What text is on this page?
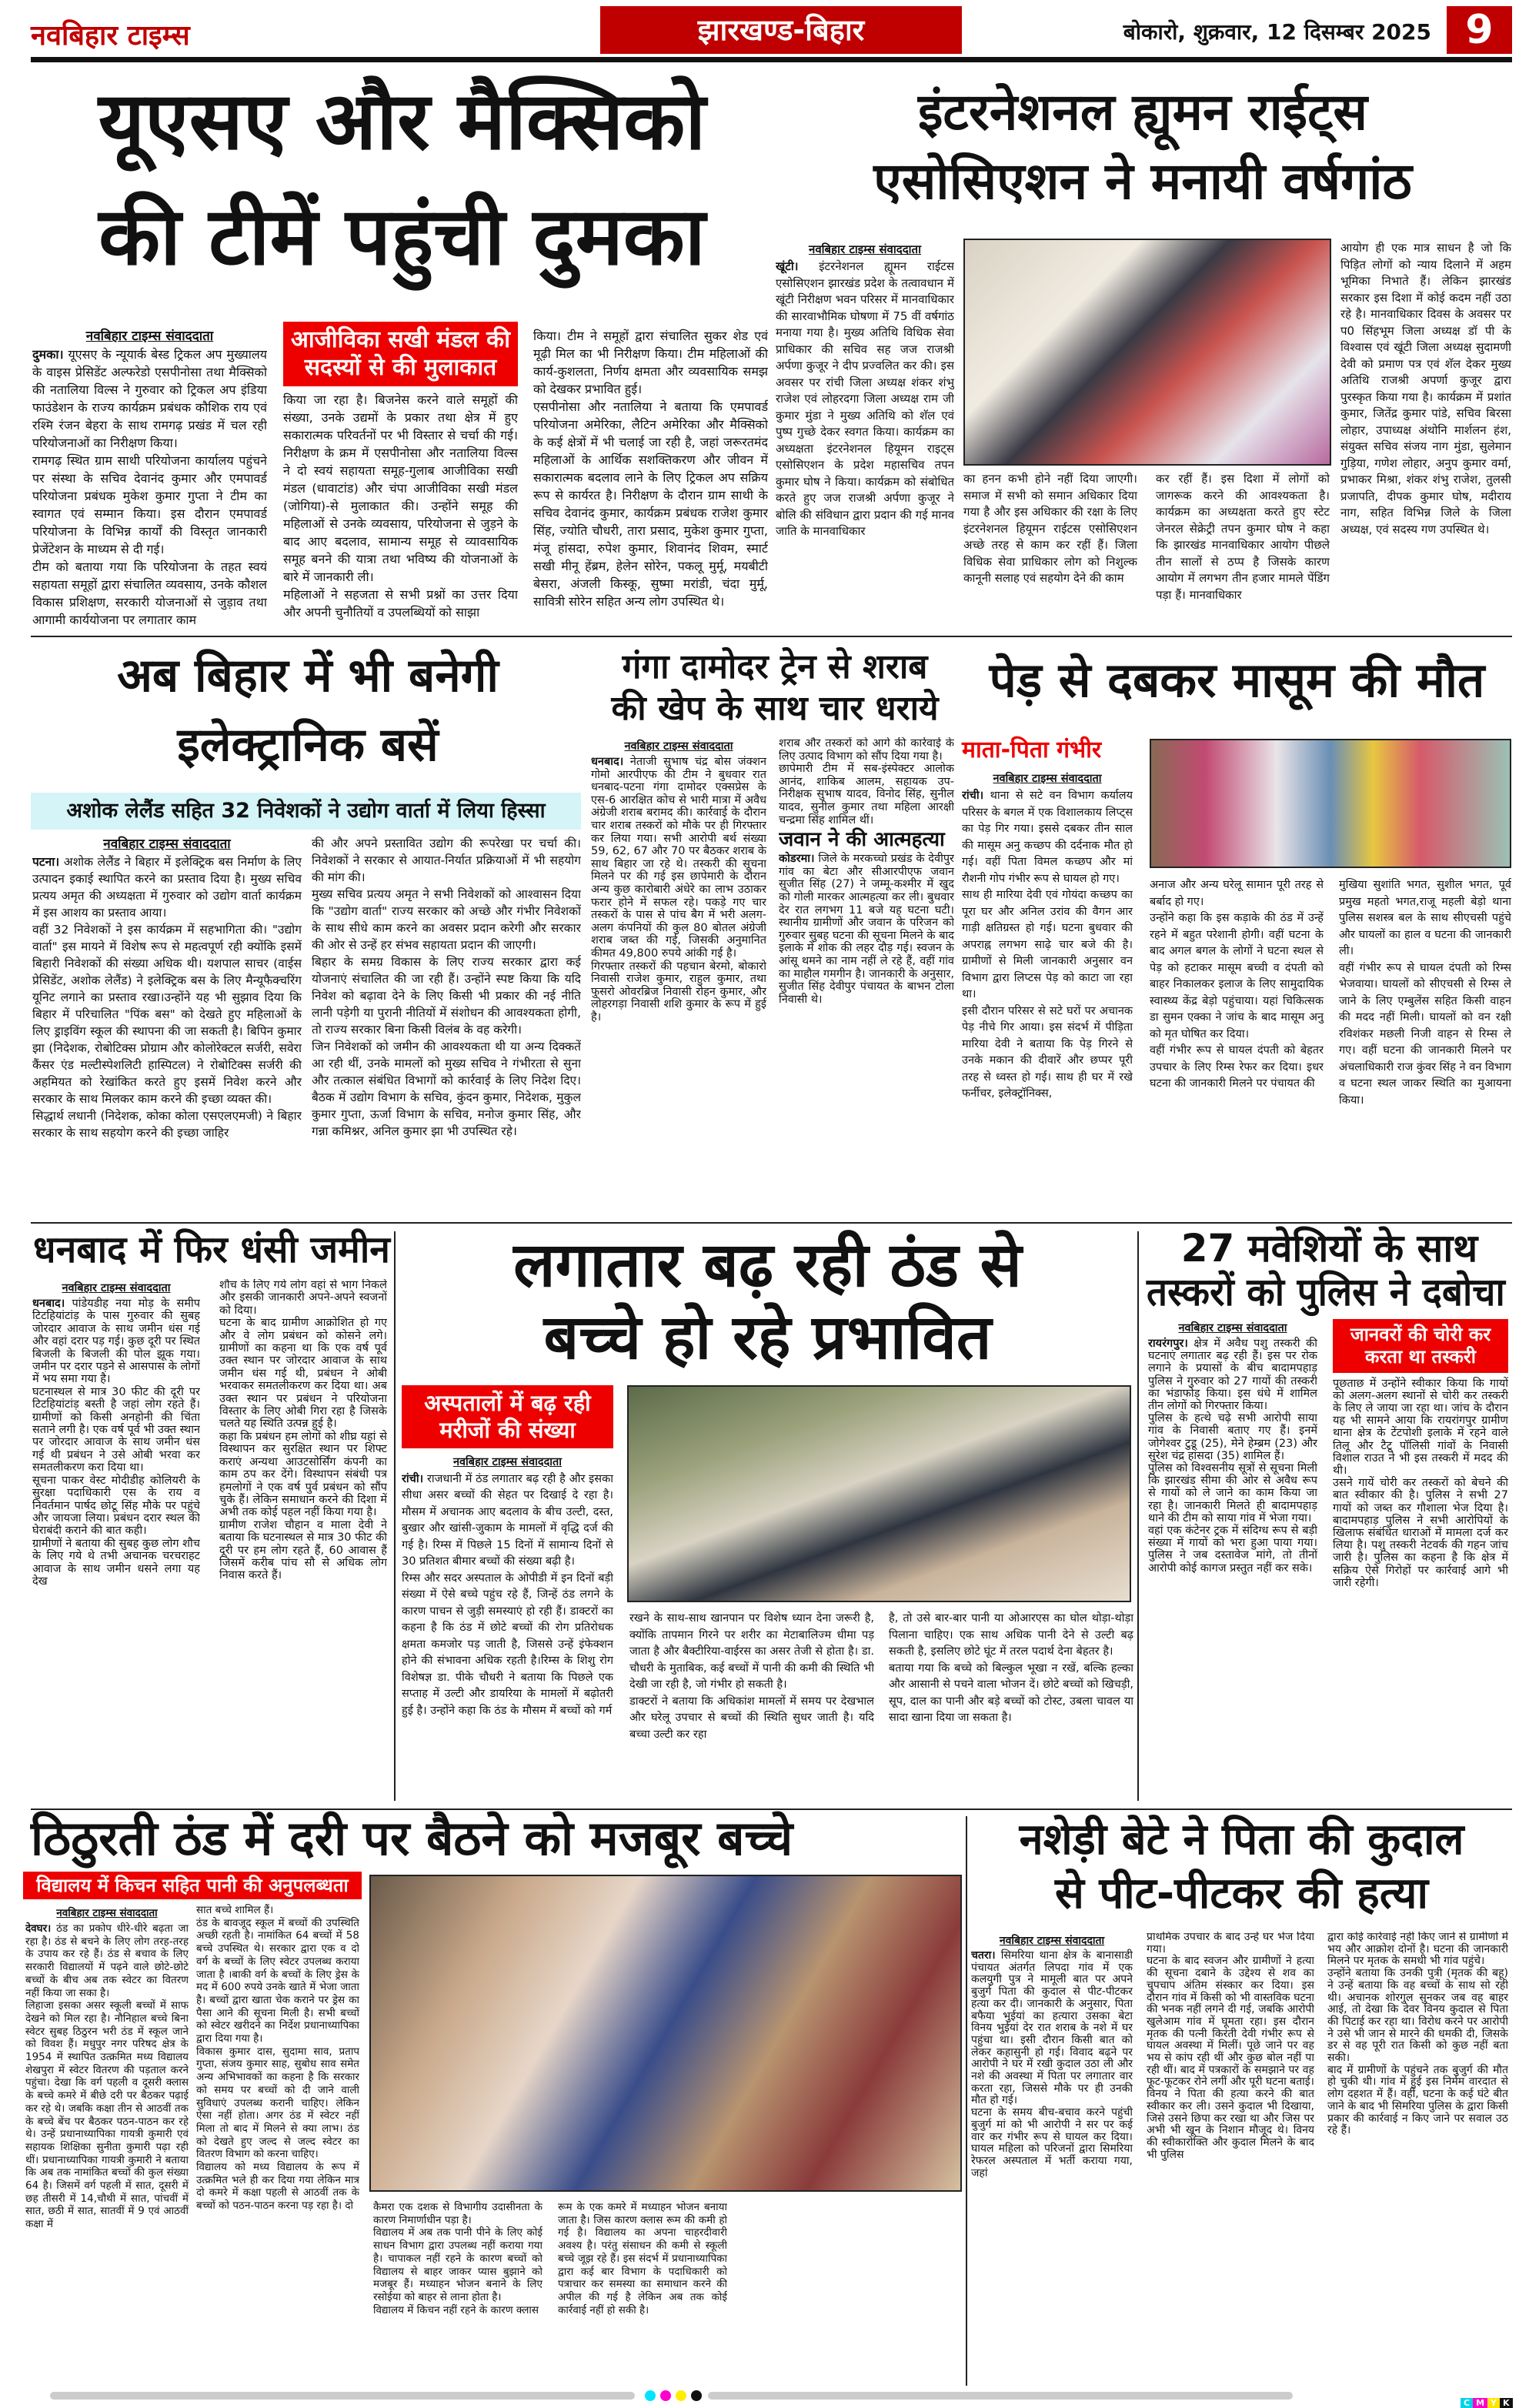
नवबिहार टाइम्स	झारखण्ड-बिहार	बोकारो, शुक्रवार, 12 दिसम्बर 2025 9
यूएसए और मैक्सिको
की टीमें पहुंची दुमका
नवबिहार टाइम्स संवाददाता

दुमका। यूएसए के न्यूयार्क बेस्ड ट्रिकल अप मुख्यालय के वाइस प्रेसिडेंट अल्फरेडो एसपीनोसा तथा मैक्सिको की नतालिया विल्स ने गुरुवार को ट्रिकल अप इंडिया फाउंडेशन के राज्य कार्यक्रम प्रबंधक कौशिक राय एवं रश्मि रंजन बेहरा के साथ रामगढ़ प्रखंड में चल रही परियोजनाओं का निरीक्षण किया।

रामगढ़ स्थित ग्राम साथी परियोजना कार्यालय पहुंचने पर संस्था के सचिव देवानंद कुमार और एमपावर्ड परियोजना प्रबंधक मुकेश कुमार गुप्ता ने टीम का स्वागत एवं सम्मान किया। इस दौरान एमपावर्ड परियोजना के विभिन्न कार्यों की विस्तृत जानकारी प्रेजेंटेशन के माध्यम से दी गई।

टीम को बताया गया कि परियोजना के तहत स्वयं सहायता समूहों द्वारा संचालित व्यवसाय, उनके कौशल विकास प्रशिक्षण, सरकारी योजनाओं से जुड़ाव तथा आगामी कार्ययोजना पर लगातार काम

आजीविका सखी मंडल की सदस्यों से की मुलाकात

किया जा रहा है। बिजनेस करने वाले समूहों की संख्या, उनके उद्यमों के प्रकार तथा क्षेत्र में हुए सकारात्मक परिवर्तनों पर भी विस्तार से चर्चा की गई। निरीक्षण के क्रम में एसपीनोसा और नतालिया विल्स ने दो स्वयं सहायता समूह-गुलाब आजीविका सखी मंडल (धावाटांड) और चंपा आजीविका सखी मंडल (जोगिया)-से मुलाकात की। उन्होंने समूह की महिलाओं से उनके व्यवसाय, परियोजना से जुड़ने के बाद आए बदलाव, सामान्य समूह से व्यावसायिक समूह बनने की यात्रा तथा भविष्य की योजनाओं के बारे में जानकारी ली।

महिलाओं ने सहजता से सभी प्रश्नों का उत्तर दिया और अपनी चुनौतियों व उपलब्धियों को साझा

किया। टीम ने समूहों द्वारा संचालित सुकर शेड एवं मूढ़ी मिल का भी निरीक्षण किया। टीम महिलाओं की कार्य-कुशलता, निर्णय क्षमता और व्यवसायिक समझ को देखकर प्रभावित हुई।

एसपीनोसा और नतालिया ने बताया कि एमपावर्ड परियोजना अमेरिका, लैटिन अमेरिका और मैक्सिको के कई क्षेत्रों में भी चलाई जा रही है, जहां जरूरतमंद महिलाओं के आर्थिक सशक्तिकरण और जीवन में सकारात्मक बदलाव लाने के लिए ट्रिकल अप सक्रिय रूप से कार्यरत है। निरीक्षण के दौरान ग्राम साथी के सचिव देवानंद कुमार, कार्यक्रम प्रबंधक राजेश कुमार सिंह, ज्योति चौधरी, तारा प्रसाद, मुकेश कुमार गुप्ता, मंजू हांसदा, रुपेश कुमार, शिवानंद शिवम, स्मार्ट सखी मीनू हेंब्रम, हेलेन सोरेन, पकलू मुर्मू, मयबीटी बेसरा, अंजली किस्कू, सुष्मा मरांडी, चंदा मुर्मू, सावित्री सोरेन सहित अन्य लोग उपस्थित थे।

इंटरनेशनल ह्यूमन राईट्स
एसोसिएशन ने मनायी वर्षगांठ
नवबिहार टाइम्स संवाददाता

खूंटी। इंटरनेशनल ह्यूमन राईटस एसोसिएशन झारखंड प्रदेश के तत्वावधान में खूंटी निरीक्षण भवन परिसर में मानवाधिकार की सारवाभौमिक घोषणा में 75 वीं वर्षगांठ मनाया गया है। मुख्य अतिथि विधिक सेवा प्राधिकार की सचिव सह जज राजश्री अर्पणा कुजूर ने दीप प्रज्वलित कर की। इस अवसर पर रांची जिला अध्यक्ष शंकर शंभु राजेश एवं लोहरदगा जिला अध्यक्ष राम जी कुमार मुंडा ने मुख्य अतिथि को शॅल एवं पुष्प गुच्छे देकर स्वगत किया। कार्यक्रम का अध्यक्षता इंटरनेशनल हियूमन राइट्स एसोसिएशन के प्रदेश महासचिव तपन कुमार घोष ने किया। कार्यक्रम को संबोधित करते हुए जज राजश्री अर्पणा कुजूर ने बोलि की संविधान द्वारा प्रदान की गई मानव जाति के मानवाधिकार

का हनन कभी होने नहीं दिया जाएगी। समाज में सभी को समान अधिकार दिया गया है और इस अधिकार की रक्षा के लिए इंटरनेशनल हियूमन राईटस एसोसिएशन अच्छे तरह से काम कर रहीं हैं। जिला विधिक सेवा प्राधिकार लोग को निशुल्क कानूनी सलाह एवं सहयोग देने की काम

कर रहीं हैं। इस दिशा में लोगों को जागरूक करने की आवश्यकता है। कार्यक्रम का अध्यक्षता करते हुए स्टेट जेनरल सेक्रेट्री तपन कुमार घोष ने कहा कि झारखंड मानवाधिकार आयोग पीछले तीन सालों से ठप्प है जिसके कारण आयोग में लगभग तीन हजार मामले पेंडिंग पड़ा हैं। मानवाधिकार

आयोग ही एक मात्र साधन है जो कि पिड़ित लोगों को न्याय दिलाने में अहम भूमिका निभाते हैं। लेकिन झारखंड सरकार इस दिशा में कोई कदम नहीं उठा रहे है। मानवाधिकार दिवस के अवसर पर प0 सिंहभूम जिला अध्यक्ष डॉ पी के विश्वास एवं खूंटी जिला अध्यक्ष सुदामणी देवी को प्रमाण पत्र एवं शॅल देकर मुख्य अतिथि राजश्री अपर्णा कुजूर द्वारा पुरस्कृत किया गया है। कार्यक्रम में प्रशांत कुमार, जितेंद्र कुमार पांडे, सचिव बिरसा लोहार, उपाध्यक्ष अंथोनि मार्शलन हंश, संयुक्त सचिव संजय नाग मुंडा, सुलेमान गुड़िया, गणेश लोहार, अनुप कुमार वर्मा, प्रभाकर मिश्रा, शंकर शंभु राजेश, तुलसी प्रजापति, दीपक कुमार घोष, मदीराय नाग, सहित विभिन्न जिले के जिला अध्यक्ष, एवं सदस्य गण उपस्थित थे।

अब बिहार में भी बनेगी
इलेक्ट्रानिक बसें
अशोक लेलैंड सहित 32 निवेशकों ने उद्योग वार्ता में लिया हिस्सा
नवबिहार टाइम्स संवाददाता

पटना। अशोक लेलैंड ने बिहार में इलेक्ट्रिक बस निर्माण के लिए उत्पादन इकाई स्थापित करने का प्रस्ताव दिया है। मुख्य सचिव प्रत्यय अमृत की अध्यक्षता में गुरुवार को उद्योग वार्ता कार्यक्रम में इस आशय का प्रस्ताव आया।

वहीं 32 निवेशकों ने इस कार्यक्रम में सहभागिता की। "उद्योग वार्ता" इस मायने में विशेष रूप से महत्वपूर्ण रही क्योंकि इसमें बिहारी निवेशकों की संख्या अधिक थी। यशपाल साचर (वाईस प्रेसिडेंट, अशोक लेलैंड) ने इलेक्ट्रिक बस के लिए मैन्यूफैक्चरिंग यूनिट लगाने का प्रस्ताव रखा।उन्होंने यह भी सुझाव दिया कि बिहार में परिचालित "पिंक बस" को देखते हुए महिलाओं के लिए ड्राइविंग स्कूल की स्थापना की जा सकती है। बिपिन कुमार झा (निदेशक, रोबोटिक्स प्रोग्राम और कोलोरेक्टल सर्जरी, सवेरा कैंसर एंड मल्टीस्पेशलिटी हास्पिटल) ने रोबोटिक्स सर्जरी की अहमियत को रेखांकित करते हुए इसमें निवेश करने और सरकार के साथ मिलकर काम करने की इच्छा व्यक्त की।

सिद्धार्थ लधानी (निदेशक, कोका कोला एसएलएमजी) ने बिहार सरकार के साथ सहयोग करने की इच्छा जाहिर

की और अपने प्रस्तावित उद्योग की रूपरेखा पर चर्चा की। निवेशकों ने सरकार से आयात-निर्यात प्रक्रियाओं में भी सहयोग की मांग की।

मुख्य सचिव प्रत्यय अमृत ने सभी निवेशकों को आश्वासन दिया कि "उद्योग वार्ता" राज्य सरकार को अच्छे और गंभीर निवेशकों के साथ सीधे काम करने का अवसर प्रदान करेगी और सरकार की ओर से उन्हें हर संभव सहायता प्रदान की जाएगी।

बिहार के समग्र विकास के लिए राज्य सरकार द्वारा कई योजनाएं संचालित की जा रही हैं। उन्होंने स्पष्ट किया कि यदि निवेश को बढ़ावा देने के लिए किसी भी प्रकार की नई नीति लानी पड़ेगी या पुरानी नीतियों में संशोधन की आवश्यकता होगी, तो राज्य सरकार बिना किसी विलंब के वह करेगी।

जिन निवेशकों को जमीन की आवश्यकता थी या अन्य दिक्कतें आ रही थीं, उनके मामलों को मुख्य सचिव ने गंभीरता से सुना और तत्काल संबंधित विभागों को कार्रवाई के लिए निदेश दिए। बैठक में उद्योग विभाग के सचिव, कुंदन कुमार, निदेशक, मुकुल कुमार गुप्ता, ऊर्जा विभाग के सचिव, मनोज कुमार सिंह, और गन्ना कमिश्नर, अनिल कुमार झा भी उपस्थित रहे।

गंगा दामोदर ट्रेन से शराब
की खेप के साथ चार धराये
नवबिहार टाइम्स संवाददाता

धनबाद। नेताजी सुभाष चंद्र बोस जंक्शन गोमो आरपीएफ की टीम ने बुधवार रात धनबाद-पटना गंगा दामोदर एक्सप्रेस के एस-6 आरक्षित कोच से भारी मात्रा में अवैध अंग्रेजी शराब बरामद की। कार्रवाई के दौरान चार शराब तस्करों को मौके पर ही गिरफ्तार कर लिया गया। सभी आरोपी बर्थ संख्या 59, 62, 67 और 70 पर बैठकर शराब के साथ बिहार जा रहे थे। तस्करी की सूचना मिलने पर की गई इस छापेमारी के दौरान अन्य कुछ कारोबारी अंधेरे का लाभ उठाकर फरार होने में सफल रहे। पकड़े गए चार तस्करों के पास से पांच बैग में भरी अलग-अलग कंपनियों की कुल 80 बोतल अंग्रेजी शराब जब्त की गई, जिसकी अनुमानित कीमत 49,800 रुपये आंकी गई है।

गिरफ्तार तस्करों की पहचान बेरमो, बोकारो निवासी राजेश कुमार, राहुल कुमार, तथा फुसरो ओवरब्रिज निवासी रोहन कुमार, और लोहरगड़ा निवासी शशि कुमार के रूप में हुई है।

शराब और तस्करों को आगे की कार्रवाई के लिए उत्पाद विभाग को सौंप दिया गया है।

छापेमारी टीम में सब-इंस्पेक्टर आलोक आनंद, शाकिब आलम, सहायक उप-निरीक्षक सुभाष यादव, विनोद सिंह, सुनील यादव, सुनील कुमार तथा महिला आरक्षी चन्द्रमा सिंह शामिल थीं।

जवान ने की आत्महत्या

कोडरमा। जिले के मरकच्चो प्रखंड के देवीपुर गांव का बेटा और सीआरपीएफ जवान सुजीत सिंह (27) ने जम्मू-कश्मीर में खुद को गोली मारकर आत्महत्या कर ली। बुधवार देर रात लगभग 11 बजे यह घटना घटी।स्थानीय ग्रामीणों और जवान के परिजन को गुरुवार सुबह घटना की सूचना मिलने के बाद इलाके में शोक की लहर दौड़ गई। स्वजन के आंसू थमने का नाम नहीं ले रहे हैं, वहीं गांव का माहौल गमगीन है। जानकारी के अनुसार, सुजीत सिंह देवीपुर पंचायत के बाभन टोला निवासी थे।

पेड़ से दबकर मासूम की मौत
माता-पिता गंभीर
नवबिहार टाइम्स संवाददाता

रांची। थाना से सटे वन विभाग कर्यालय परिसर के बगल में एक विशालकाय लिप्ट्स का पेड़ गिर गया। इससे दबकर तीन साल की मासूम अनु कच्छप की दर्दनाक मौत हो गई। वहीं पिता विमल कच्छप और मां रौशनी गोप गंभीर रूप से घायल हो गए।

साथ ही मारिया देवी एवं गोयंदा कच्छप का पूरा घर और अनिल उरांव की वैगन आर गाड़ी क्षतिग्रस्त हो गई। घटना बुधवार की अपराह्न लगभग साढ़े चार बजे की है। ग्रामीणों से मिली जानकारी अनुसार वन विभाग द्वारा लिप्टस पेड़ को काटा जा रहा था।

इसी दौरान परिसर से सटे घरों पर अचानक पेड़ नीचे गिर आया। इस संदर्भ में पीड़िता मारिया देवी ने बताया कि पेड़ गिरने से उनके मकान की दीवारें और छप्पर पूरी तरह से ध्वस्त हो गई। साथ ही घर में रखे फर्नीचर, इलेक्ट्रॉनिक्स,

अनाज और अन्य घरेलू सामान पूरी तरह से बर्बाद हो गए।

उन्होंने कहा कि इस कड़ाके की ठंड में उन्हें रहने में बहुत परेशानी होगी। वहीं घटना के बाद अगल बगल के लोगों ने घटना स्थल से पेड़ को हटाकर मासूम बच्ची व दंपती को बाहर निकालकर इलाज के लिए सामुदायिक स्वास्थ्य केंद्र बेड़ो पहुंचाया। यहां चिकित्सक डा सुमन एक्का ने जांच के बाद मासूम अनु को मृत घोषित कर दिया।

वहीं गंभीर रूप से घायल दंपती को बेहतर उपचार के लिए रिम्स रेफर कर दिया। इधर घटना की जानकारी मिलने पर पंचायत की

मुखिया सुशांति भगत, सुशील भगत, पूर्व प्रमुख महतो भगत,राजू महली बेड़ो थाना पुलिस सशस्त्र बल के साथ सीएचसी पहुंचे और घायलों का हाल व घटना की जानकारी ली।

वहीं गंभीर रूप से घायल दंपती को रिम्स भेजवाया। घायलों को सीएचसी से रिम्स ले जाने के लिए एम्बुलेंस सहित किसी वाहन की मदद नहीं मिली। घायलों को वन रक्षी रविशंकर मछली निजी वाहन से रिम्स ले गए। वहीं घटना की जानकारी मिलने पर अंचलाधिकारी राज कुंवर सिंह ने वन विभाग व घटना स्थल जाकर स्थिति का मुआयना किया।

धनबाद में फिर धंसी जमीन
नवबिहार टाइम्स संवाददाता

धनबाद। पांडेयडीह नया मोड़ के समीप टिटहियांटांड़ के पास गुरुवार की सुबह जोरदार आवाज के साथ जमीन धंस गई और वहां दरार पड़ गई। कुछ दूरी पर स्थित बिजली के बिजली की पोल झूक गया। जमीन पर दरार पड़ने से आसपास के लोगों में भय समा गया है।

घटनास्थल से मात्र 30 फीट की दूरी पर टिटहियांटांड़ बस्ती है जहां लोग रहते हैं। ग्रामीणों को किसी अनहोनी की चिंता सताने लगी है। एक वर्ष पूर्व भी उक्त स्थान पर जोरदार आवाज के साथ जमीन धंस गई थी प्रबंधन ने उसे ओबी भरवा कर समतलीकरण करा दिया था।

सूचना पाकर वेस्ट मोदीडीह कोलियरी के सुरक्षा पदाधिकारी एस के राय व निवर्तमान पार्षद छोटू सिंह मौके पर पहुंचे और जायजा लिया। प्रबंधन दरार स्थल की घेराबंदी कराने की बात कही।

ग्रामीणों ने बताया की सुबह कुछ लोग शौच के लिए गये थे तभी अचानक चरचराहट आवाज के साथ जमीन धसने लगा यह देख

शौच के लिए गये लोग वहां से भाग निकले और इसकी जानकारी अपने-अपने स्वजनों को दिया।

घटना के बाद ग्रामीण आक्रोशित हो गए और वे लोग प्रबंधन को कोसने लगे। ग्रामीणों का कहना था कि एक वर्ष पूर्व उक्त स्थान पर जोरदार आवाज के साथ जमीन धंस गई थी, प्रबंधन ने ओबी भरवाकर समतलीकरण कर दिया था। अब उक्त स्थान पर प्रबंधन ने परियोजना विस्तार के लिए ओबी गिरा रहा है जिसके चलते यह स्थिति उत्पन्न हुई है।

कहा कि प्रबंधन हम लोगों को शीघ्र यहां से विस्थापन कर सुरक्षित स्थान पर शिफ्ट कराएं अन्यथा आउटसोर्सिंग कंपनी का काम ठप कर देंगे। विस्थापन संबंधी पत्र हमलोगों ने एक वर्ष पुर्व प्रबंधन को सौंप चुके हैं। लेकिन समाधान करने की दिशा में अभी तक कोई पहल नहीं किया गया है।

ग्रामीण राजेश चौहान व माला देवी ने बताया कि घटनास्थल से मात्र 30 फीट की दूरी पर हम लोग रहते हैं, 60 आवास हैं जिसमें करीब पांच सौ से अधिक लोग निवास करते हैं।

लगातार बढ़ रही ठंड से
बच्चे हो रहे प्रभावित
अस्पतालों में बढ़ रही मरीजों की संख्या
नवबिहार टाइम्स संवाददाता

रांची। राजधानी में ठंड लगातार बढ़ रही है और इसका सीधा असर बच्चों की सेहत पर दिखाई दे रहा है। मौसम में अचानक आए बदलाव के बीच उल्टी, दस्त, बुखार और खांसी-जुकाम के मामलों में वृद्धि दर्ज की गई है। रिम्स में पिछले 15 दिनों में सामान्य दिनों से 30 प्रतिशत बीमार बच्चों की संख्या बढ़ी है।

रिम्स और सदर अस्पताल के ओपीडी में इन दिनों बड़ी संख्या में ऐसे बच्चे पहुंच रहे हैं, जिन्हें ठंड लगने के कारण पाचन से जुड़ी समस्याएं हो रही हैं। डाक्टरों का कहना है कि ठंड में छोटे बच्चों की रोग प्रतिरोधक क्षमता कमजोर पड़ जाती है, जिससे उन्हें इंफेक्शन होने की संभावना अधिक रहती है।रिम्स के शिशु रोग विशेषज्ञ डा. पीके चौधरी ने बताया कि पिछले एक सप्ताह में उल्टी और डायरिया के मामलों में बढ़ोतरी हुई है। उन्होंने कहा कि ठंड के मौसम में बच्चों को गर्म

रखने के साथ-साथ खानपान पर विशेष ध्यान देना जरूरी है, क्योंकि तापमान गिरने पर शरीर का मेटाबालिज्म धीमा पड़ जाता है और बैक्टीरिया-वाईरस का असर तेजी से होता है। डा. चौधरी के मुताबिक, कई बच्चों में पानी की कमी की स्थिति भी देखी जा रही है, जो गंभीर हो सकती है।

डाक्टरों ने बताया कि अधिकांश मामलों में समय पर देखभाल और घरेलू उपचार से बच्चों की स्थिति सुधर जाती है। यदि बच्चा उल्टी कर रहा

है, तो उसे बार-बार पानी या ओआरएस का घोल थोड़ा-थोड़ा पिलाना चाहिए। एक साथ अधिक पानी देने से उल्टी बढ़ सकती है, इसलिए छोटे घूंट में तरल पदार्थ देना बेहतर है।

बताया गया कि बच्चे को बिल्कुल भूखा न रखें, बल्कि हल्का और आसानी से पचने वाला भोजन दें। छोटे बच्चों को खिचड़ी, सूप, दाल का पानी और बड़े बच्चों को टोस्ट, उबला चावल या सादा खाना दिया जा सकता है।

27 मवेशियों के साथ
तस्करों को पुलिस ने दबोचा
नवबिहार टाइम्स संवाददाता

रायरंगपुर। क्षेत्र में अवैध पशु तस्करी की घटनाएं लगातार बढ़ रही हैं। इस पर रोक लगाने के प्रयासों के बीच बादामपहाड़ पुलिस ने गुरुवार को 27 गायों की तस्करी का भंडाफोड़ किया। इस धंधे में शामिल तीन लोगों को गिरफ्तार किया।

पुलिस के हत्थे चढ़े सभी आरोपी साया गांव के निवासी बताए गए हैं। इनमें जोगेश्वर टुडू (25), मेने हेम्ब्रम (23) और सुरेश चंद्र हांसदा (35) शामिल हैं।

पुलिस को विश्वसनीय सूत्रों से सूचना मिली कि झारखंड सीमा की ओर से अवैध रूप से गायों को ले जाने का काम किया जा रहा है। जानकारी मिलते ही बादामपहाड़ थाने की टीम को साया गांव में भेजा गया।

वहां एक कंटेनर ट्रक में संदिग्ध रूप से बड़ी संख्या में गायों को भरा हुआ पाया गया। पुलिस ने जब दस्तावेज मांगे, तो तीनों आरोपी कोई कागज प्रस्तुत नहीं कर सके।

जानवरों की चोरी कर करता था तस्करी

पूछताछ में उन्होंने स्वीकार किया कि गायों को अलग-अलग स्थानों से चोरी कर तस्करी के लिए ले जाया जा रहा था। जांच के दौरान यह भी सामने आया कि रायरांगपुर ग्रामीण थाना क्षेत्र के टेंटपोशी इलाके में रहने वाले तिलू और टैटू पॉलिसी गांवों के निवासी विशाल राउत ने भी इस तस्करी में मदद की थी।

उसने गायें चोरी कर तस्करों को बेचने की बात स्वीकार की है। पुलिस ने सभी 27 गायों को जब्त कर गौशाला भेज दिया है। बादामपहाड़ पुलिस ने सभी आरोपियों के खिलाफ संबंधित धाराओं में मामला दर्ज कर लिया है। पशु तस्करी नेटवर्क की गहन जांच जारी है। पुलिस का कहना है कि क्षेत्र में सक्रिय ऐसे गिरोहों पर कार्रवाई आगे भी जारी रहेगी।

ठिठुरती ठंड में दरी पर बैठने को मजबूर बच्चे
विद्यालय में किचन सहित पानी की अनुपलब्धता
नवबिहार टाइम्स संवाददाता

देवघर। ठंड का प्रकोप धीरे-धीरे बढ़ता जा रहा है। ठंड से बचने के लिए लोग तरह-तरह के उपाय कर रहे हैं। ठंड से बचाव के लिए सरकारी विद्यालयों में पढ़ने वाले छोटे-छोटे बच्चों के बीच अब तक स्वेटर का वितरण नहीं किया जा सका है।

लिहाजा इसका असर स्कूली बच्चों में साफ देखने को मिल रहा है। नौनिहाल बच्चे बिना स्वेटर सुबह ठिठुरन भरी ठंड में स्कूल जाने को विवश हैं। मधुपुर नगर परिषद क्षेत्र के 1954 में स्थापित उत्क्रमित मध्य विद्यालय शेखपुरा में स्वेटर वितरण की पड़ताल करने पहुंचा। देखा कि वर्ग पहली व दूसरी क्लास के बच्चे कमरे में बीछे दरी पर बैठकर पढ़ाई कर रहे थे। जबकि कक्षा तीन से आठवीं तक के बच्चे बेंच पर बैठकर पठन-पाठन कर रहे थे। उन्हें प्रधानाध्यापिका गायत्री कुमारी एवं सहायक शिक्षिका सुनीता कुमारी पढ़ा रही थीं। प्रधानाध्यापिका गायत्री कुमारी ने बताया कि अब तक नामांकित बच्चों की कुल संख्या 64 है। जिसमें वर्ग पहली में सात, दूसरी में छह तीसरी में 14,चौथी में सात, पांचवीं में सात, छठी में सात, सातवीं में 9 एवं आठवीं कक्षा में

सात बच्चे शामिल हैं।

ठंड के बावजूद स्कूल में बच्चों की उपस्थिति अच्छी रहती है। नामांकित 64 बच्चों में 58 बच्चे उपस्थित थे। सरकार द्वारा एक व दो वर्ग के बच्चों के लिए स्वेटर उपलब्ध कराया जाता है ।बाकी वर्ग के बच्चों के लिए ड्रेस के मद में 600 रुपये उनके खाते में भेजा जाता है। बच्चों द्वारा खाता चेक कराने पर ड्रेस का पैसा आने की सूचना मिली है। सभी बच्चों को स्वेटर खरीदने का निर्देश प्रधानाध्यापिका द्वारा दिया गया है।

विकास कुमार दास, सुदामा साव, प्रताप गुप्ता, संजय कुमार साह, सुबोध साव समेत अन्य अभिभावकों का कहना है कि सरकार को समय पर बच्चों को दी जाने वाली सुविधाएं उपलब्ध करानी चाहिए। लेकिन ऐसा नहीं होता। अगर ठंड में स्वेटर नहीं मिला तो बाद में मिलने से क्या लाभ। ठंड को देखते हुए जल्द से जल्द स्वेटर का वितरण विभाग को करना चाहिए।

विद्यालय को मध्य विद्यालय के रूप में उत्क्रमित भले ही कर दिया गया लेकिन मात्र दो कमरे में कक्षा पहली से आठवीं तक के बच्चों को पठन-पाठन करना पड़ रहा है। दो	कैमरा एक दशक से विभागीय उदासीनता के कारण निमार्णाधीन पड़ा है।

विद्यालय में अब तक पानी पीने के लिए कोई साधन विभाग द्वारा उपलब्ध नहीं कराया गया है। चापाकल नहीं रहने के कारण बच्चों को विद्यालय से बाहर जाकर प्यास बुझाने को मजबूर हैं। मध्याहन भोजन बनाने के लिए रसोईया को बाहर से लाना होता है।

विद्यालय में किचन नहीं रहने के कारण क्लास

रूम के एक कमरे में मध्याहन भोजन बनाया जाता है। जिस कारण क्लास रूम की कमी हो गई है। विद्यालय का अपना चाहरदीवारी अवश्य है। परंतु संसाधन की कमी से स्कूली बच्चे जूझ रहे हैं। इस संदर्भ में प्रधानाध्यापिका द्वारा कई बार विभाग के पदाधिकारी को पत्राचार कर समस्या का समाधान करने की अपील की गई है लेकिन अब तक कोई कार्रवाई नहीं हो सकी है।

नशेड़ी बेटे ने पिता की कुदाल
से पीट-पीटकर की हत्या
नवबिहार टाइम्स संवाददाता

चतरा। सिमरिया थाना क्षेत्र के बानासाडी पंचायत अंतर्गत लिपदा गांव में एक कलयुगी पुत्र ने मामूली बात पर अपने बुजुर्ग पिता की कुदाल से पीट-पीटकर हत्या कर दी। जानकारी के अनुसार, पिता बफैया भुईयां का हत्यारा उसका बेटा विनय भुईयां देर रात शराब के नशे में घर पहुंचा था। इसी दौरान किसी बात को लेकर कहासुनी हो गई। विवाद बढ़ने पर आरोपी ने घर में रखी कुदाल उठा ली और नशे की अवस्था में पिता पर लगातार वार करता रहा, जिससे मौके पर ही उनकी मौत हो गई।

घटना के समय बीच-बचाव करने पहुंची बुजुर्ग मां को भी आरोपी ने सर पर कई वार कर गंभीर रूप से घायल कर दिया। घायल महिला को परिजनों द्वारा सिमरिया रेफरल अस्पताल में भर्ती कराया गया, जहां

प्राथमिक उपचार के बाद उन्हें घर भेज दिया गया।

घटना के बाद स्वजन और ग्रामीणों ने हत्या की सूचना दबाने के उद्देश्य से शव का चुपचाप अंतिम संस्कार कर दिया। इस दौरान गांव में किसी को भी वास्तविक घटना की भनक नहीं लगने दी गई, जबकि आरोपी खुलेआम गांव में घूमता रहा। इस दौरान मृतक की पत्नी किरंती देवी गंभीर रूप से घायल अवस्था में मिलीं। पूछे जाने पर वह भय से कांप रही थीं और कुछ बोल नहीं पा रही थीं। बाद में पत्रकारों के समझाने पर वह फूट-फूटकर रोने लगीं और पूरी घटना बताई। विनय ने पिता की हत्या करने की बात स्वीकार कर ली। उसने कुदाल भी दिखाया, जिसे उसने छिपा कर रखा था और जिस पर अभी भी खून के निशान मौजूद थे। विनय की स्वीकारोक्ति और कुदाल मिलने के बाद भी पुलिस

द्वारा कोई कार्रवाई नहीं किए जाने से ग्रामीणों में भय और आक्रोश दोनों है। घटना की जानकारी मिलने पर मृतक के समधी भी गांव पहुंचे।

उन्होंने बताया कि उनकी पुत्री (मृतक की बहू) ने उन्हें बताया कि वह बच्चों के साथ सो रही थी। अचानक शोरगुल सुनकर जब वह बाहर आई, तो देखा कि देवर विनय कुदाल से पिता की पिटाई कर रहा था। विरोध करने पर आरोपी ने उसे भी जान से मारने की धमकी दी, जिसके डर से वह पूरी रात किसी को कुछ नहीं बता सकी।

बाद में ग्रामीणों के पहुंचने तक बुजुर्ग की मौत हो चुकी थी। गांव में हुई इस निर्मम वारदात से लोग दहशत में हैं। वहीं, घटना के कई घंटे बीत जाने के बाद भी सिमरिया पुलिस के द्वारा किसी प्रकार की कार्रवाई न किए जाने पर सवाल उठ रहे हैं।

C M Y K
